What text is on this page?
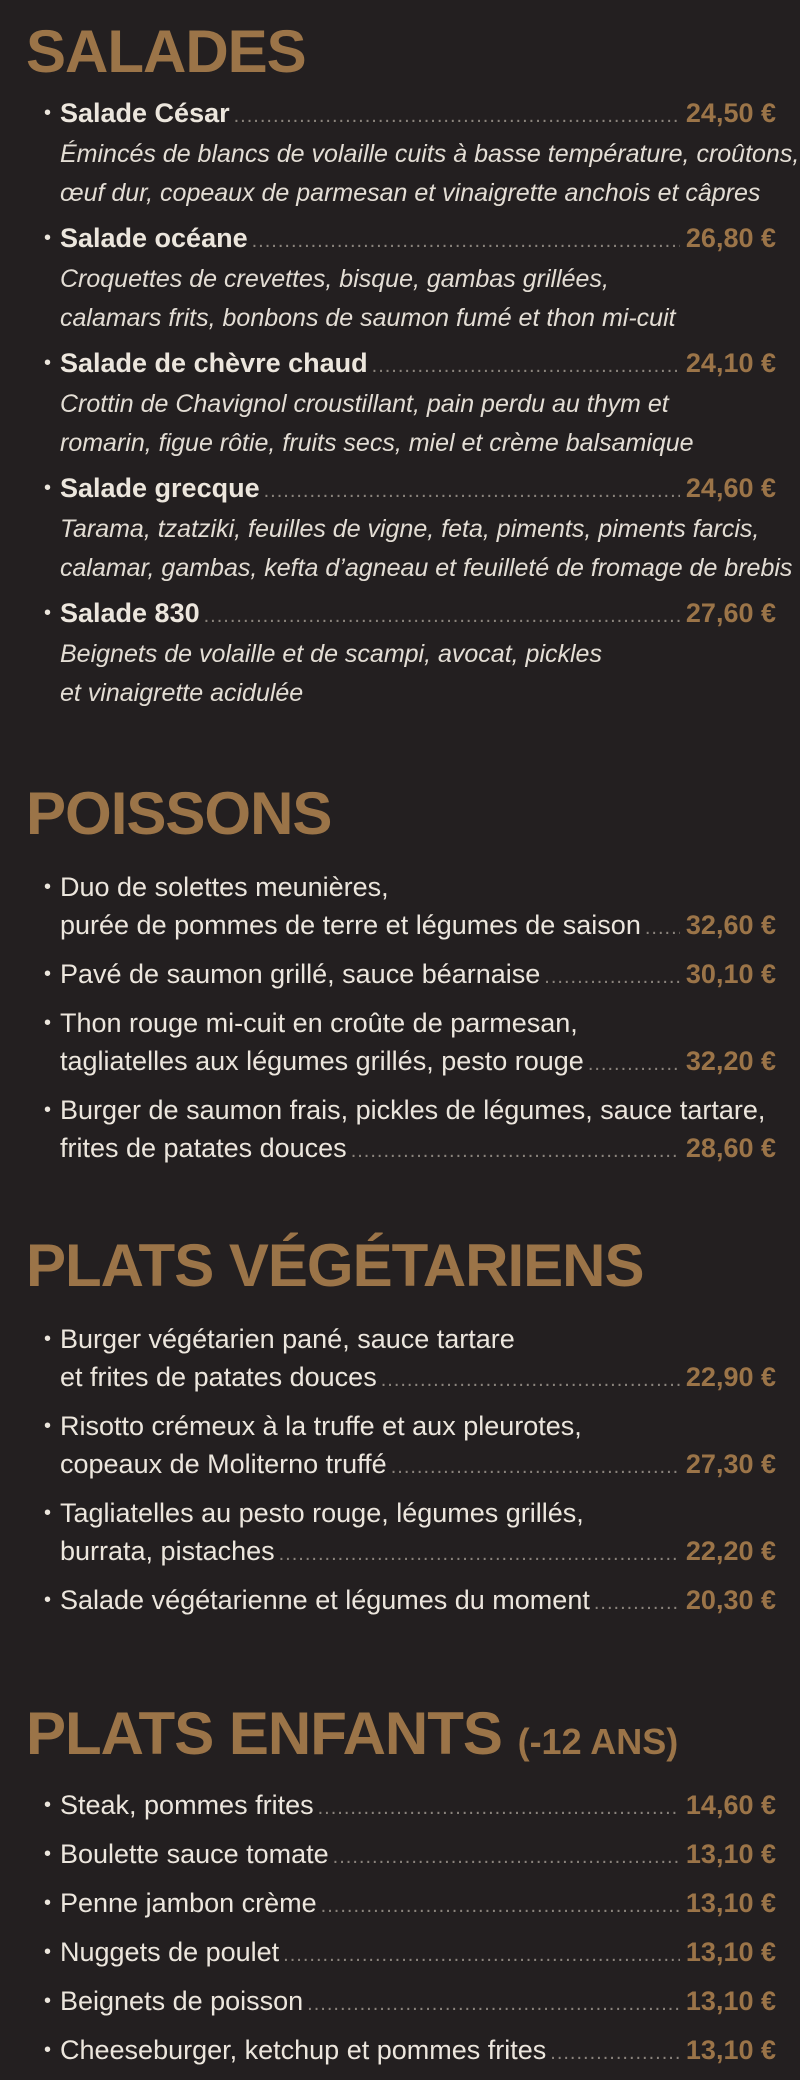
SALADES
• Salade César .....	24,50 €
Émincés de blancs de volaille cuits à basse température, croûtons,
œuf dur, copeaux de parmesan et vinaigrette anchois et câpres
• Salade océane .....	26,80 €
Croquettes de crevettes, bisque, gambas grillées,
calamars frits, bonbons de saumon fumé et thon mi-cuit
• Salade de chèvre chaud .....	24,10 €
Crottin de Chavignol croustillant, pain perdu au thym et
romarin, figue rôtie, fruits secs, miel et crème balsamique
• Salade grecque .....	24,60 €
Tarama, tzatziki, feuilles de vigne, feta, piments, piments farcis,
calamar, gambas, kefta d’agneau et feuilleté de fromage de brebis
• Salade 830 .....	27,60 €
Beignets de volaille et de scampi, avocat, pickles
et vinaigrette acidulée
POISSONS
• Duo de solettes meunières,
purée de pommes de terre et légumes de saison ..... 32,60 €
• Pavé de saumon grillé, sauce béarnaise .....	30,10 €
• Thon rouge mi-cuit en croûte de parmesan,
tagliatelles aux légumes grillés, pesto rouge .....	32,20 €
• Burger de saumon frais, pickles de légumes, sauce tartare,
frites de patates douces .....	28,60 €
PLATS VÉGÉTARIENS
• Burger végétarien pané, sauce tartare
et frites de patates douces .....	22,90 €
• Risotto crémeux à la truffe et aux pleurotes,
copeaux de Moliterno truffé .....	27,30 €
• Tagliatelles au pesto rouge, légumes grillés,
burrata, pistaches .....	22,20 €
• Salade végétarienne et légumes du moment .....	20,30 €
PLATS ENFANTS (-12 ANS)
• Steak, pommes frites .....	14,60 €
• Boulette sauce tomate .....	13,10 €
• Penne jambon crème .....	13,10 €
• Nuggets de poulet .....	13,10 €
• Beignets de poisson .....	13,10 €
• Cheeseburger, ketchup et pommes frites .....	13,10 €
